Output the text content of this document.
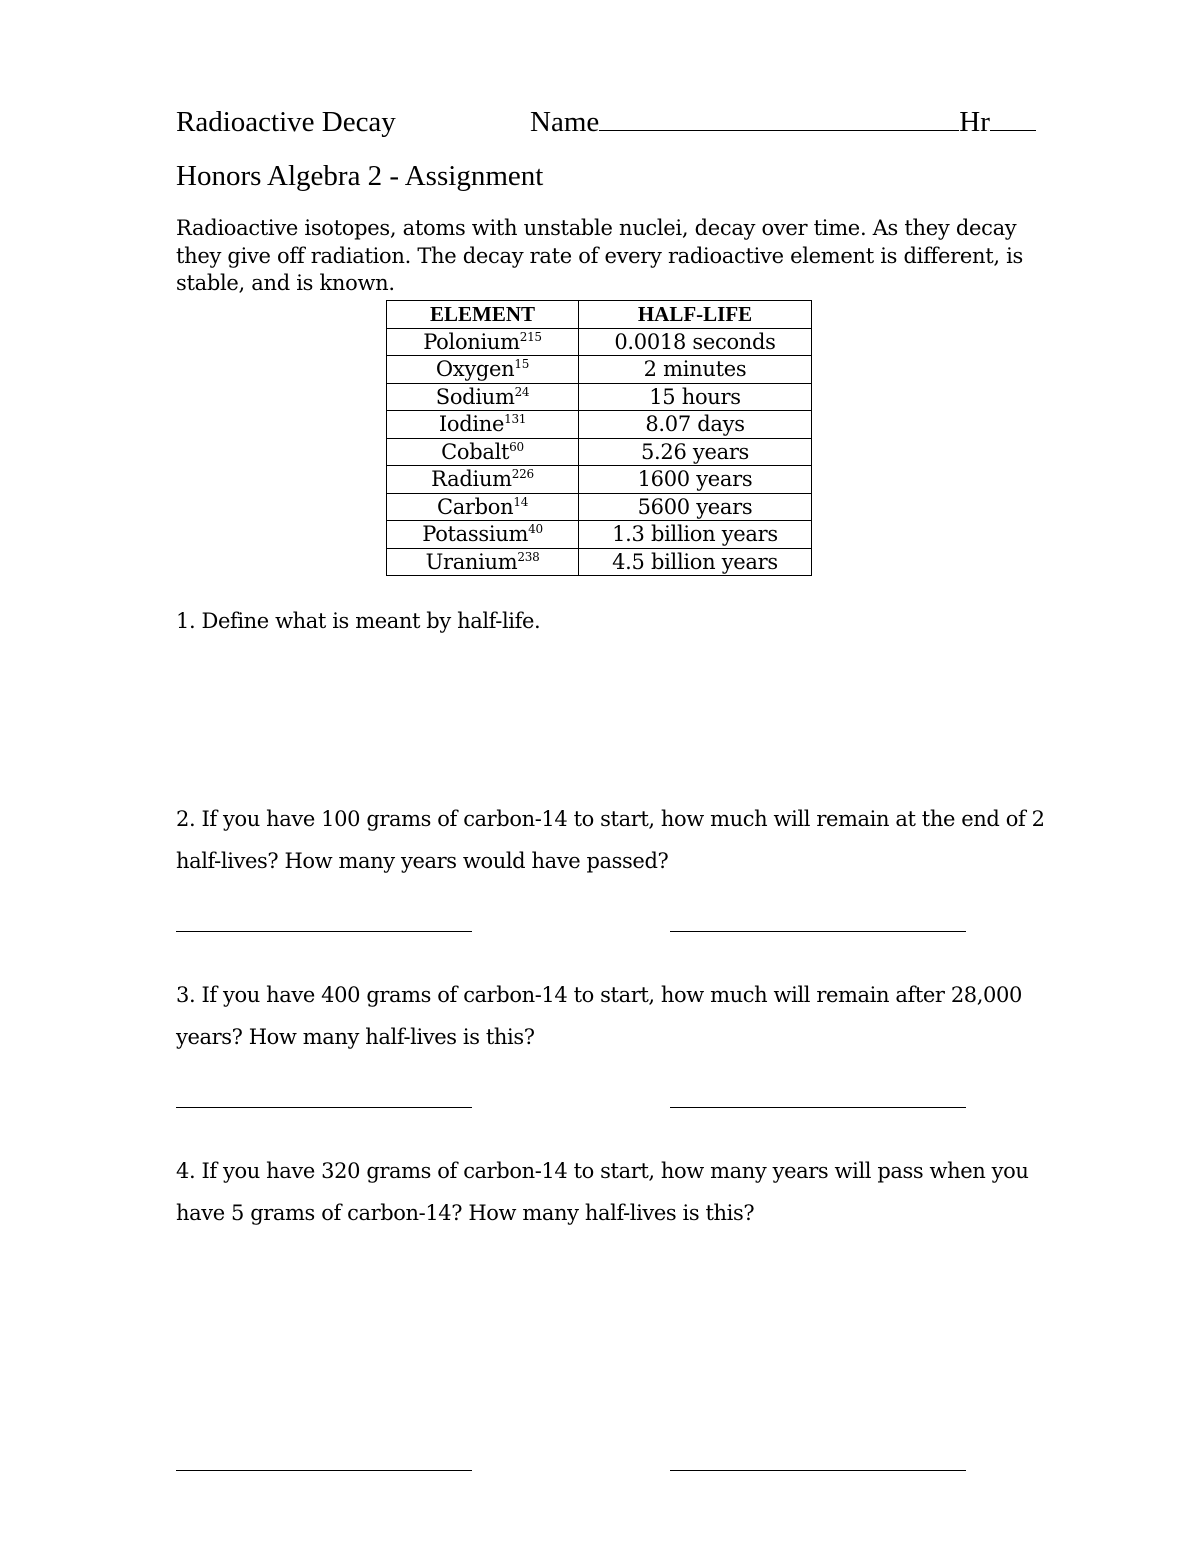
Radioactive Decay	Name	Hr
Honors Algebra 2 - Assignment
Radioactive isotopes, atoms with unstable nuclei, decay over time. As they decay they give off radiation. The decay rate of every radioactive element is different, is stable, and is known.
ELEMENT	HALF-LIFE
Polonium$^{215}$	0.0018 seconds
Oxygen$^{15}$	2 minutes
Sodium$^{24}$	15 hours
Iodine$^{131}$	8.07 days
Cobalt$^{60}$	5.26 years
Radium$^{226}$	1600 years
Carbon$^{14}$	5600 years
Potassium$^{40}$	1.3 billion years
Uranium$^{238}$	4.5 billion years
1. Define what is meant by half-life.
2. If you have 100 grams of carbon-14 to start, how much will remain at the end of 2 half-lives? How many years would have passed?
3. If you have 400 grams of carbon-14 to start, how much will remain after 28,000 years? How many half-lives is this?
4. If you have 320 grams of carbon-14 to start, how many years will pass when you have 5 grams of carbon-14? How many half-lives is this?
